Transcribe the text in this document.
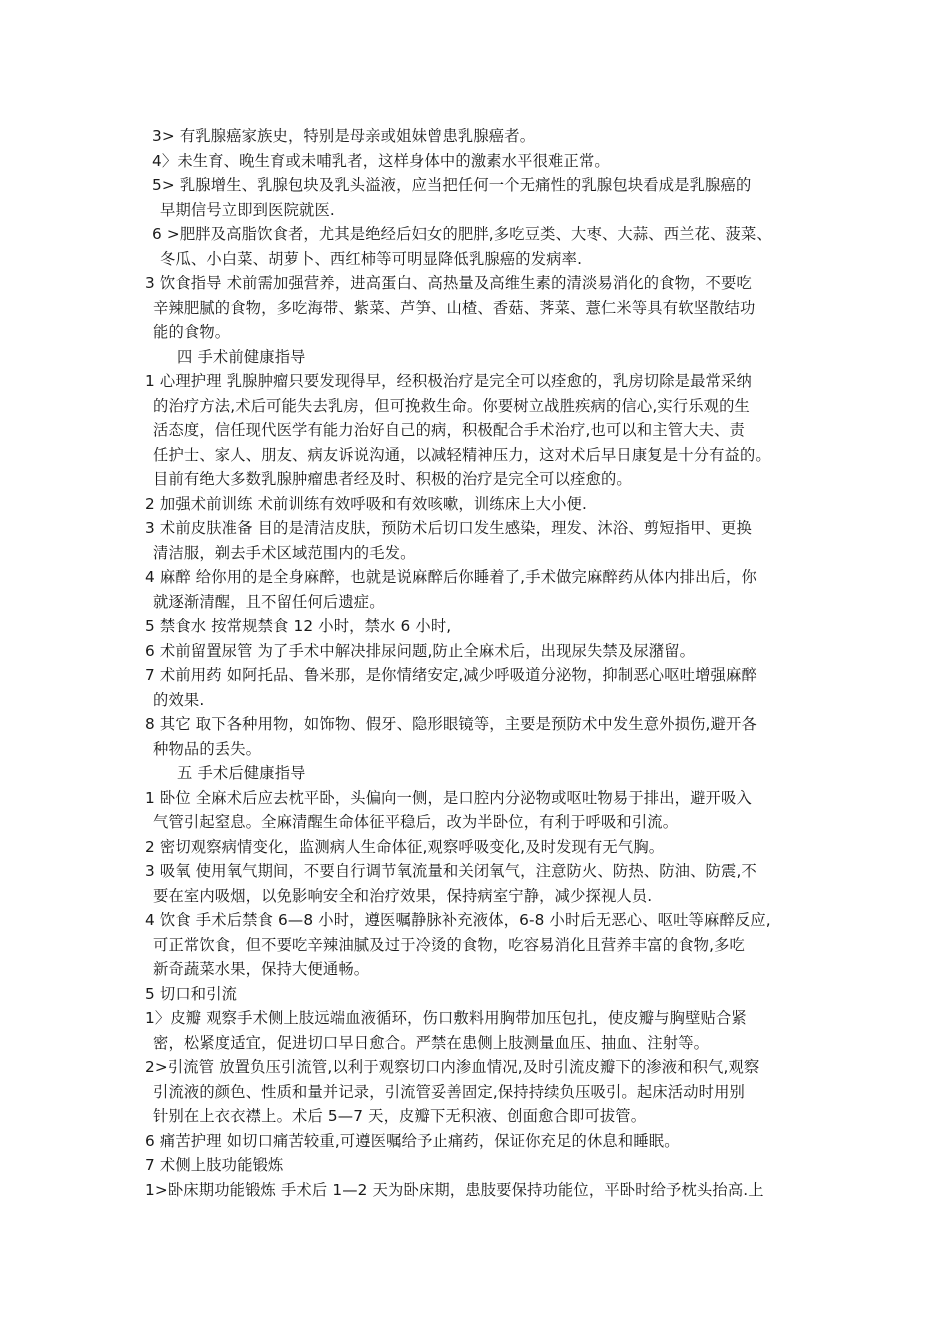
3> 有乳腺癌家族史，特别是母亲或姐妹曾患乳腺癌者。
4〉未生育、晚生育或未哺乳者，这样身体中的激素水平很难正常。
5> 乳腺增生、乳腺包块及乳头溢液，应当把任何一个无痛性的乳腺包块看成是乳腺癌的
早期信号立即到医院就医.
6 >肥胖及高脂饮食者，尤其是绝经后妇女的肥胖,多吃豆类、大枣、大蒜、西兰花、菠菜、
冬瓜、小白菜、胡萝卜、西红柿等可明显降低乳腺癌的发病率.
3 饮食指导 术前需加强营养，进高蛋白、高热量及高维生素的清淡易消化的食物，不要吃
辛辣肥腻的食物，多吃海带、紫菜、芦笋、山楂、香菇、荠菜、薏仁米等具有软坚散结功
能的食物。
四 手术前健康指导
1 心理护理 乳腺肿瘤只要发现得早，经积极治疗是完全可以痊愈的，乳房切除是最常采纳
的治疗方法,术后可能失去乳房，但可挽救生命。你要树立战胜疾病的信心,实行乐观的生
活态度，信任现代医学有能力治好自己的病，积极配合手术治疗,也可以和主管大夫、责
任护士、家人、朋友、病友诉说沟通，以减轻精神压力，这对术后早日康复是十分有益的。
目前有绝大多数乳腺肿瘤患者经及时、积极的治疗是完全可以痊愈的。
2 加强术前训练 术前训练有效呼吸和有效咳嗽，训练床上大小便.
3 术前皮肤准备 目的是清洁皮肤，预防术后切口发生感染，理发、沐浴、剪短指甲、更换
清洁服，剃去手术区域范围内的毛发。
4 麻醉 给你用的是全身麻醉，也就是说麻醉后你睡着了,手术做完麻醉药从体内排出后，你
就逐渐清醒，且不留任何后遗症。
5 禁食水 按常规禁食 12 小时，禁水 6 小时,
6 术前留置尿管 为了手术中解决排尿问题,防止全麻术后，出现尿失禁及尿潴留。
7 术前用药 如阿托品、鲁米那，是你情绪安定,减少呼吸道分泌物，抑制恶心呕吐增强麻醉
的效果.
8 其它 取下各种用物，如饰物、假牙、隐形眼镜等，主要是预防术中发生意外损伤,避开各
种物品的丢失。
五 手术后健康指导
1 卧位 全麻术后应去枕平卧，头偏向一侧，是口腔内分泌物或呕吐物易于排出，避开吸入
气管引起窒息。全麻清醒生命体征平稳后，改为半卧位，有利于呼吸和引流。
2 密切观察病情变化，监测病人生命体征,观察呼吸变化,及时发现有无气胸。
3 吸氧 使用氧气期间，不要自行调节氧流量和关闭氧气，注意防火、防热、防油、防震,不
要在室内吸烟，以免影响安全和治疗效果，保持病室宁静，减少探视人员.
4 饮食 手术后禁食 6—8 小时，遵医嘱静脉补充液体，6-8 小时后无恶心、呕吐等麻醉反应,
可正常饮食，但不要吃辛辣油腻及过于冷烫的食物，吃容易消化且营养丰富的食物,多吃
新奇蔬菜水果，保持大便通畅。
5 切口和引流
1〉皮瓣 观察手术侧上肢远端血液循环，伤口敷料用胸带加压包扎，使皮瓣与胸壁贴合紧
密，松紧度适宜，促进切口早日愈合。严禁在患侧上肢测量血压、抽血、注射等。
2>引流管 放置负压引流管,以利于观察切口内渗血情况,及时引流皮瓣下的渗液和积气,观察
引流液的颜色、性质和量并记录，引流管妥善固定,保持持续负压吸引。起床活动时用别
针别在上衣衣襟上。术后 5—7 天，皮瓣下无积液、创面愈合即可拔管。
6 痛苦护理 如切口痛苦较重,可遵医嘱给予止痛药，保证你充足的休息和睡眠。
7 术侧上肢功能锻炼
1>卧床期功能锻炼 手术后 1—2 天为卧床期，患肢要保持功能位，平卧时给予枕头抬高.上
